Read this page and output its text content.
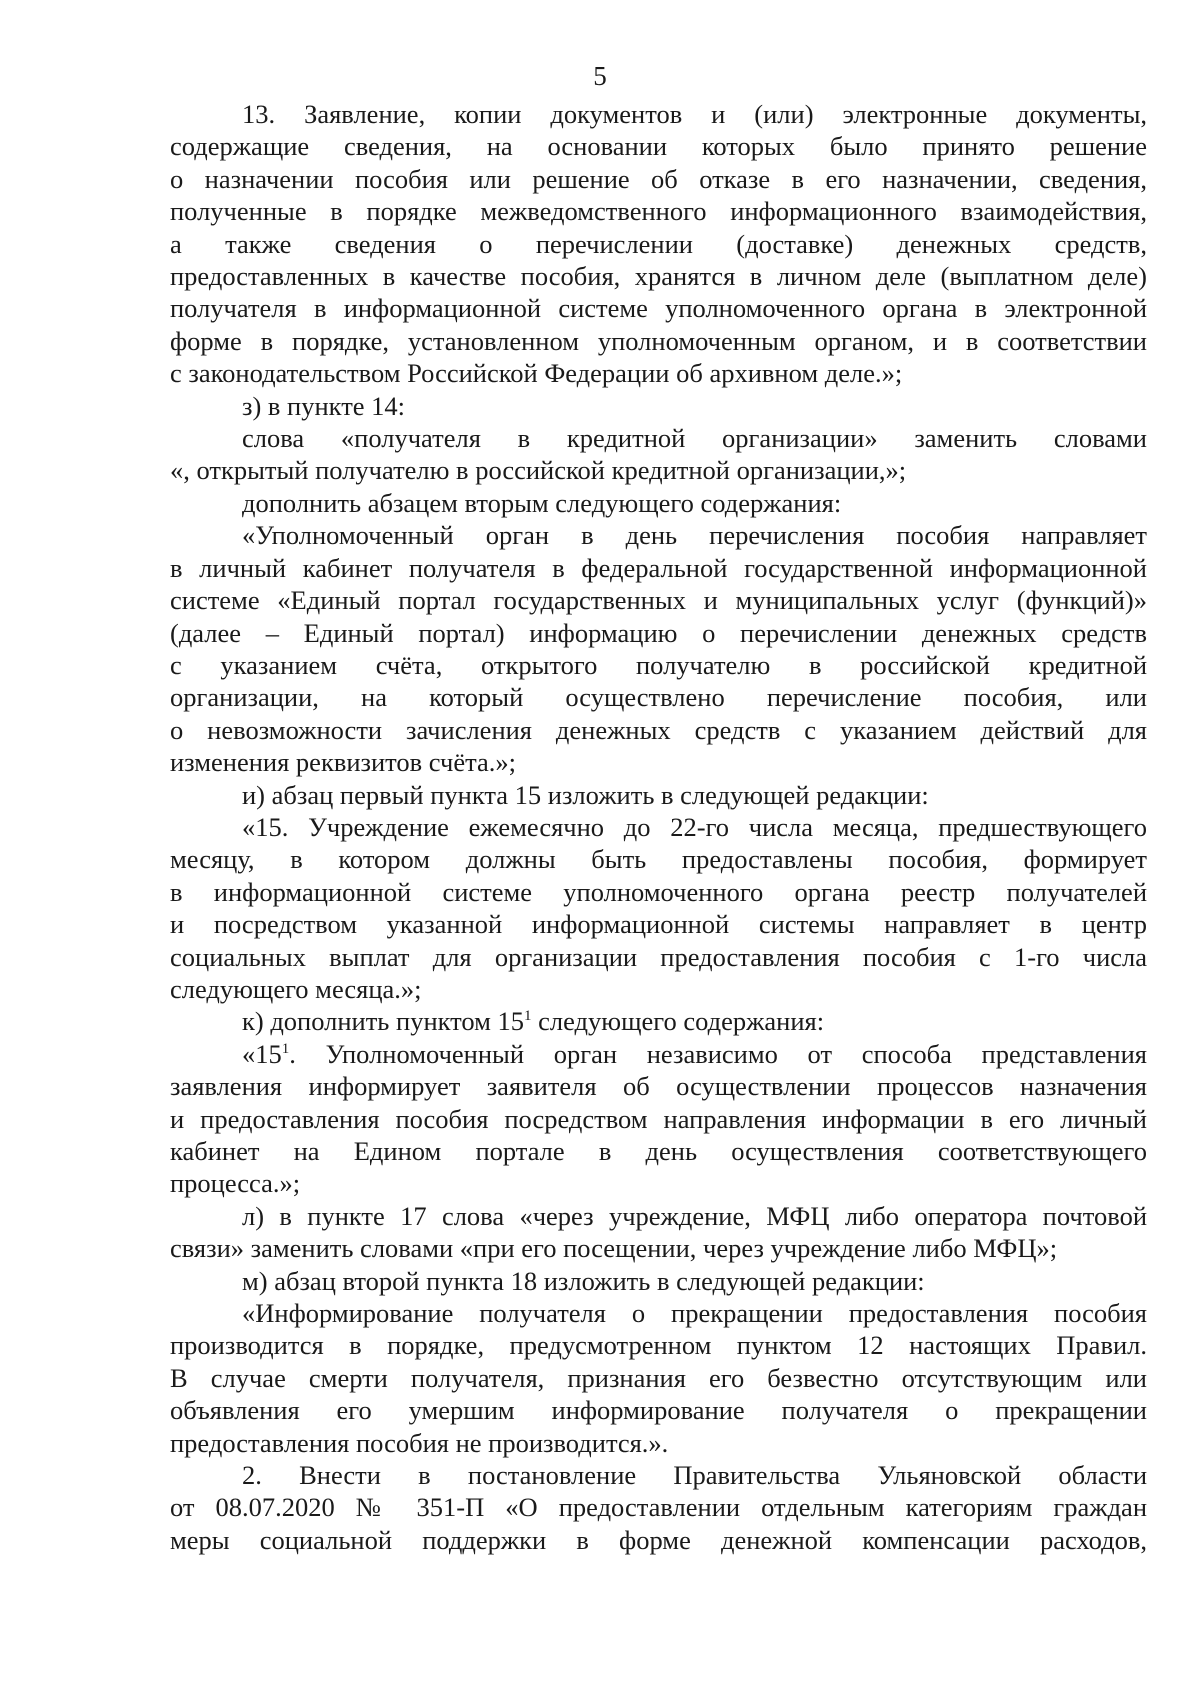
5

13. Заявление, копии документов и (или) электронные документы,

содержащие сведения, на основании которых было принято решение

о назначении пособия или решение об отказе в его назначении, сведения,

полученные в порядке межведомственного информационного взаимодействия,

а также сведения о перечислении (доставке) денежных средств,

предоставленных в качестве пособия, хранятся в личном деле (выплатном деле)

получателя в информационной системе уполномоченного органа в электронной

форме в порядке, установленном уполномоченным органом, и в соответствии

с законодательством Российской Федерации об архивном деле.»;

з) в пункте 14:

слова «получателя в кредитной организации» заменить словами

«, открытый получателю в российской кредитной организации,»;

дополнить абзацем вторым следующего содержания:

«Уполномоченный орган в день перечисления пособия направляет

в личный кабинет получателя в федеральной государственной информационной

системе «Единый портал государственных и муниципальных услуг (функций)»

(далее – Единый портал) информацию о перечислении денежных средств

с указанием счёта, открытого получателю в российской кредитной

организации, на который осуществлено перечисление пособия, или

о невозможности зачисления денежных средств с указанием действий для

изменения реквизитов счёта.»;

и) абзац первый пункта 15 изложить в следующей редакции:

«15. Учреждение ежемесячно до 22-го числа месяца, предшествующего

месяцу, в котором должны быть предоставлены пособия, формирует

в информационной системе уполномоченного органа реестр получателей

и посредством указанной информационной системы направляет в центр

социальных выплат для организации предоставления пособия с 1-го числа

следующего месяца.»;

к) дополнить пунктом $15^1$ следующего содержания:

«$15^1$. Уполномоченный орган независимо от способа представления

заявления информирует заявителя об осуществлении процессов назначения

и предоставления пособия посредством направления информации в его личный

кабинет на Едином портале в день осуществления соответствующего

процесса.»;

л) в пункте 17 слова «через учреждение, МФЦ либо оператора почтовой

связи» заменить словами «при его посещении, через учреждение либо МФЦ»;

м) абзац второй пункта 18 изложить в следующей редакции:

«Информирование получателя о прекращении предоставления пособия

производится в порядке, предусмотренном пунктом 12 настоящих Правил.

В случае смерти получателя, признания его безвестно отсутствующим или

объявления его умершим информирование получателя о прекращении

предоставления пособия не производится.».

2. Внести в постановление Правительства Ульяновской области

от 08.07.2020 № 351-П «О предоставлении отдельным категориям граждан

меры социальной поддержки в форме денежной компенсации расходов,
